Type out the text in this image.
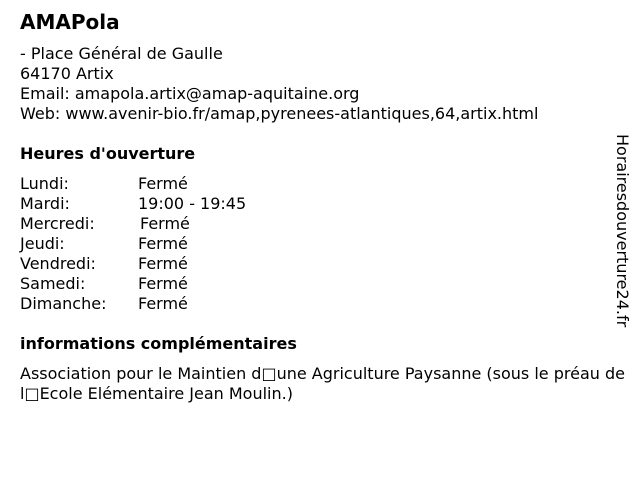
AMAPola
- Place Général de Gaulle
64170 Artix
Email: amapola.artix@amap-aquitaine.org
Web: www.avenir-bio.fr/amap,pyrenees-atlantiques,64,artix.html
Heures d'ouverture
Lundi:	Fermé
Mardi:	19:00 - 19:45
Mercredi:	Fermé
Jeudi:	Fermé
Vendredi:	Fermé
Samedi:	Fermé
Dimanche: Fermé
informations complémentaires
Association pour le Maintien d□une Agriculture Paysanne (sous le préau de l□Ecole Elémentaire Jean Moulin.)
Horairesdouverture24.fr
